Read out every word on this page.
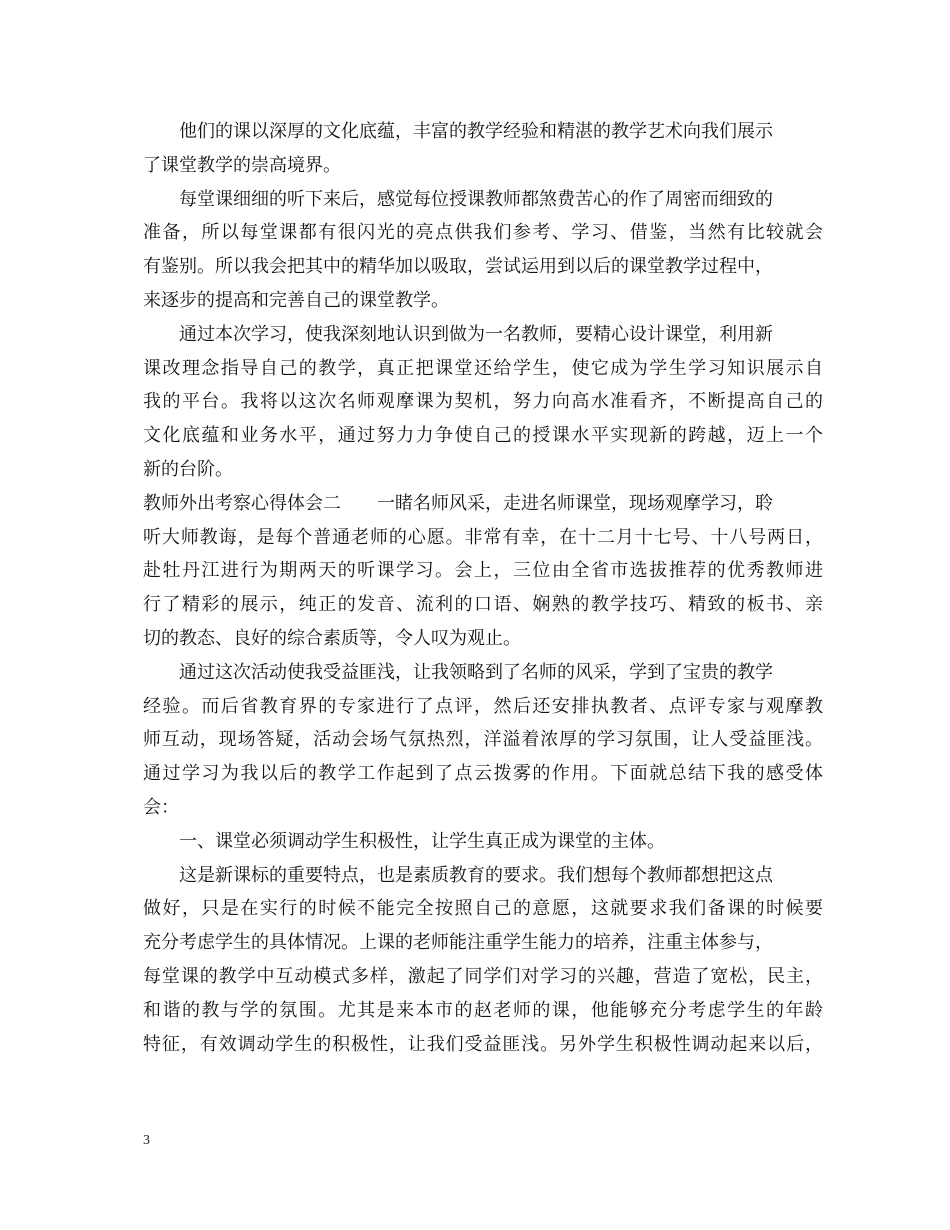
他们的课以深厚的文化底蕴，丰富的教学经验和精湛的教学艺术向我们展示
了课堂教学的崇高境界。
每堂课细细的听下来后，感觉每位授课教师都煞费苦心的作了周密而细致的
准备，所以每堂课都有很闪光的亮点供我们参考、学习、借鉴，当然有比较就会
有鉴别。所以我会把其中的精华加以吸取，尝试运用到以后的课堂教学过程中，
来逐步的提高和完善自己的课堂教学。
通过本次学习，使我深刻地认识到做为一名教师，要精心设计课堂，利用新
课改理念指导自己的教学，真正把课堂还给学生，使它成为学生学习知识展示自
我的平台。我将以这次名师观摩课为契机，努力向高水准看齐，不断提高自己的
文化底蕴和业务水平，通过努力力争使自己的授课水平实现新的跨越，迈上一个
新的台阶。
教师外出考察心得体会二　　一睹名师风采，走进名师课堂，现场观摩学习，聆
听大师教诲，是每个普通老师的心愿。非常有幸，在十二月十七号、十八号两日，
赴牡丹江进行为期两天的听课学习。会上，三位由全省市选拔推荐的优秀教师进
行了精彩的展示，纯正的发音、流利的口语、娴熟的教学技巧、精致的板书、亲
切的教态、良好的综合素质等，令人叹为观止。
通过这次活动使我受益匪浅，让我领略到了名师的风采，学到了宝贵的教学
经验。而后省教育界的专家进行了点评，然后还安排执教者、点评专家与观摩教
师互动，现场答疑，活动会场气氛热烈，洋溢着浓厚的学习氛围，让人受益匪浅。
通过学习为我以后的教学工作起到了点云拨雾的作用。下面就总结下我的感受体
会：
一、课堂必须调动学生积极性，让学生真正成为课堂的主体。
这是新课标的重要特点，也是素质教育的要求。我们想每个教师都想把这点
做好，只是在实行的时候不能完全按照自己的意愿，这就要求我们备课的时候要
充分考虑学生的具体情况。上课的老师能注重学生能力的培养，注重主体参与，
每堂课的教学中互动模式多样，激起了同学们对学习的兴趣，营造了宽松，民主，
和谐的教与学的氛围。尤其是来本市的赵老师的课，他能够充分考虑学生的年龄
特征，有效调动学生的积极性，让我们受益匪浅。另外学生积极性调动起来以后，
3
